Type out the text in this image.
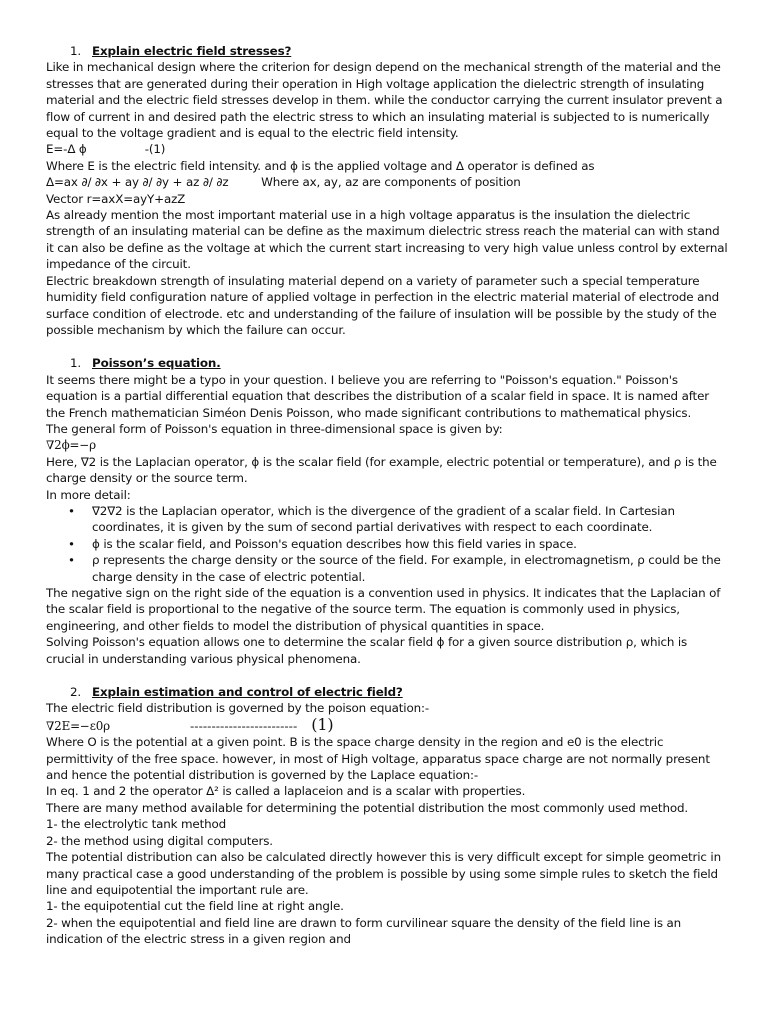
1. Explain electric field stresses?

Like in mechanical design where the criterion for design depend on the mechanical strength of the material and the stresses that are generated during their operation in High voltage application the dielectric strength of insulating material and the electric field stresses develop in them. while the conductor carrying the current insulator prevent a flow of current in and desired path the electric stress to which an insulating material is subjected to is numerically equal to the voltage gradient and is equal to the electric field intensity.

E=-Δ ϕ                -(1)

Where E is the electric field intensity. and ϕ is the applied voltage and Δ operator is defined as

Δ=ax ∂/ ∂x + ay ∂/ ∂y + az ∂/ ∂z         Where ax, ay, az are components of position

Vector r=axX=ayY+azZ

As already mention the most important material use in a high voltage apparatus is the insulation the dielectric strength of an insulating material can be define as the maximum dielectric stress reach the material can with stand it can also be define as the voltage at which the current start increasing to very high value unless control by external impedance of the circuit.

Electric breakdown strength of insulating material depend on a variety of parameter such a special temperature humidity field configuration nature of applied voltage in perfection in the electric material material of electrode and surface condition of electrode. etc and understanding of the failure of insulation will be possible by the study of the possible mechanism by which the failure can occur.

1. Poisson’s equation.

It seems there might be a typo in your question. I believe you are referring to "Poisson's equation." Poisson's equation is a partial differential equation that describes the distribution of a scalar field in space. It is named after the French mathematician Siméon Denis Poisson, who made significant contributions to mathematical physics.

The general form of Poisson's equation in three-dimensional space is given by:

∇2ϕ=−ρ

Here, ∇2 is the Laplacian operator, ϕ is the scalar field (for example, electric potential or temperature), and ρ is the charge density or the source term.

In more detail:

• ∇2∇2 is the Laplacian operator, which is the divergence of the gradient of a scalar field. In Cartesian coordinates, it is given by the sum of second partial derivatives with respect to each coordinate.
• ϕ is the scalar field, and Poisson's equation describes how this field varies in space.
• ρ represents the charge density or the source of the field. For example, in electromagnetism, ρ could be the charge density in the case of electric potential.

The negative sign on the right side of the equation is a convention used in physics. It indicates that the Laplacian of the scalar field is proportional to the negative of the source term. The equation is commonly used in physics, engineering, and other fields to model the distribution of physical quantities in space.

Solving Poisson's equation allows one to determine the scalar field ϕ for a given source distribution ρ, which is crucial in understanding various physical phenomena.

2. Explain estimation and control of electric field?

The electric field distribution is governed by the poison equation:-

∇2E=−ε0ρ	------------------------- (1)

Where O is the potential at a given point. B is the space charge density in the region and e0 is the electric permittivity of the free space. however, in most of High voltage, apparatus space charge are not normally present and hence the potential distribution is governed by the Laplace equation:-

In eq. 1 and 2 the operator Δ² is called a laplaceion and is a scalar with properties.

There are many method available for determining the potential distribution the most commonly used method.

1- the electrolytic tank method

2- the method using digital computers.

The potential distribution can also be calculated directly however this is very difficult except for simple geometric in many practical case a good understanding of the problem is possible by using some simple rules to sketch the field line and equipotential the important rule are.

1- the equipotential cut the field line at right angle.

2- when the equipotential and field line are drawn to form curvilinear square the density of the field line is an indication of the electric stress in a given region and
